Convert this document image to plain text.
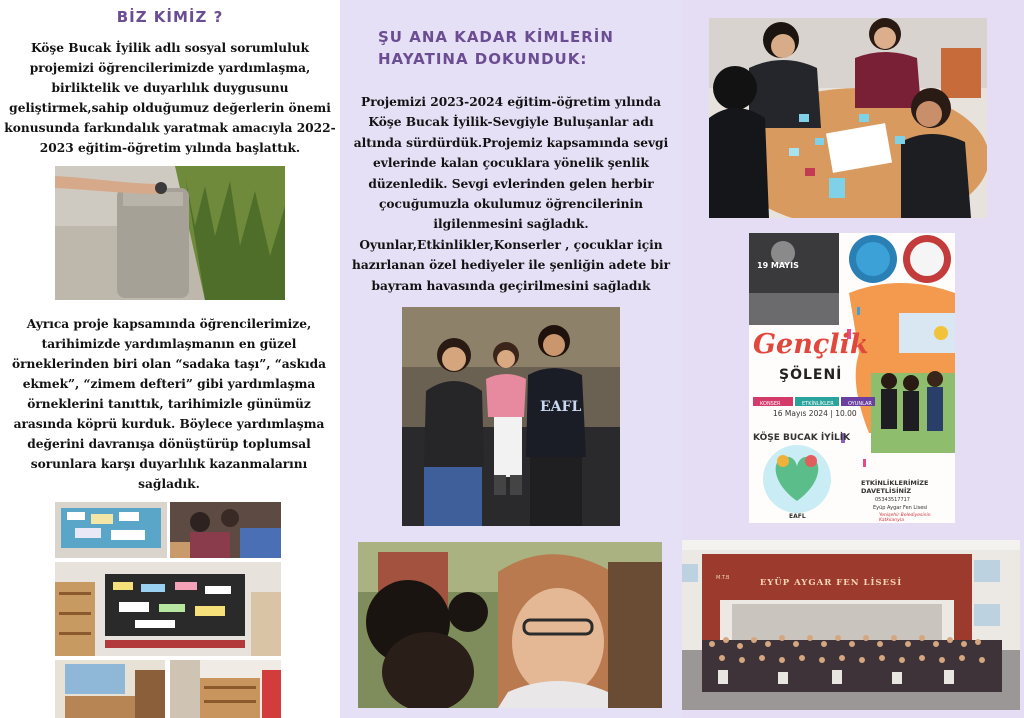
BİZ KİMİZ ?
Köşe Bucak İyilik adlı sosyal sorumluluk projemizi öğrencilerimizde yardımlaşma, birliktelik ve duyarlılık duygusunu geliştirmek,sahip olduğumuz değerlerin önemi konusunda farkındalık yaratmak amacıyla 2022-2023 eğitim-öğretim yılında başlattık.
Ayrıca proje kapsamında öğrencilerimize, tarihimizde yardımlaşmanın en güzel örneklerinden biri olan “sadaka taşı”, “askıda ekmek”, “zimem defteri” gibi yardımlaşma örneklerini tanıttık, tarihimizle günümüz arasında köprü kurduk. Böylece yardımlaşma değerini davranışa dönüştürüp toplumsal sorunlara karşı duyarlılık kazanmalarını sağladık.
ŞU ANA KADAR KİMLERİN HAYATINA DOKUNDUK:
Projemizi 2023-2024 eğitim-öğretim yılında Köşe Bucak İyilik-Sevgiyle Buluşanlar adı altında sürdürdük.Projemiz kapsamında sevgi evlerinde kalan çocuklara yönelik şenlik düzenledik. Sevgi evlerinden gelen herbir çocuğumuzla okulumuz öğrencilerinin ilgilenmesini sağladık. Oyunlar,Etkinlikler,Konserler , çocuklar için hazırlanan özel hediyeler ile şenliğin adete bir bayram havasında geçirilmesini sağladık
EAFL
19 MAYIS
Gençlik
ŞÖLENİ
KONSER	ETKİNLİKLER	OYUNLAR
16 Mayıs 2024 | 10.00
KÖŞE BUCAK İYİLİK
ETKİNLİKLERİMİZE DAVETLİSİNİZ
05343517717
Eyüp Aygar Fen Lisesi
EAFL	Yenişehir Belediyesinin Katkılarıyla
M.T.B	EYÜP AYGAR FEN LİSESİ
